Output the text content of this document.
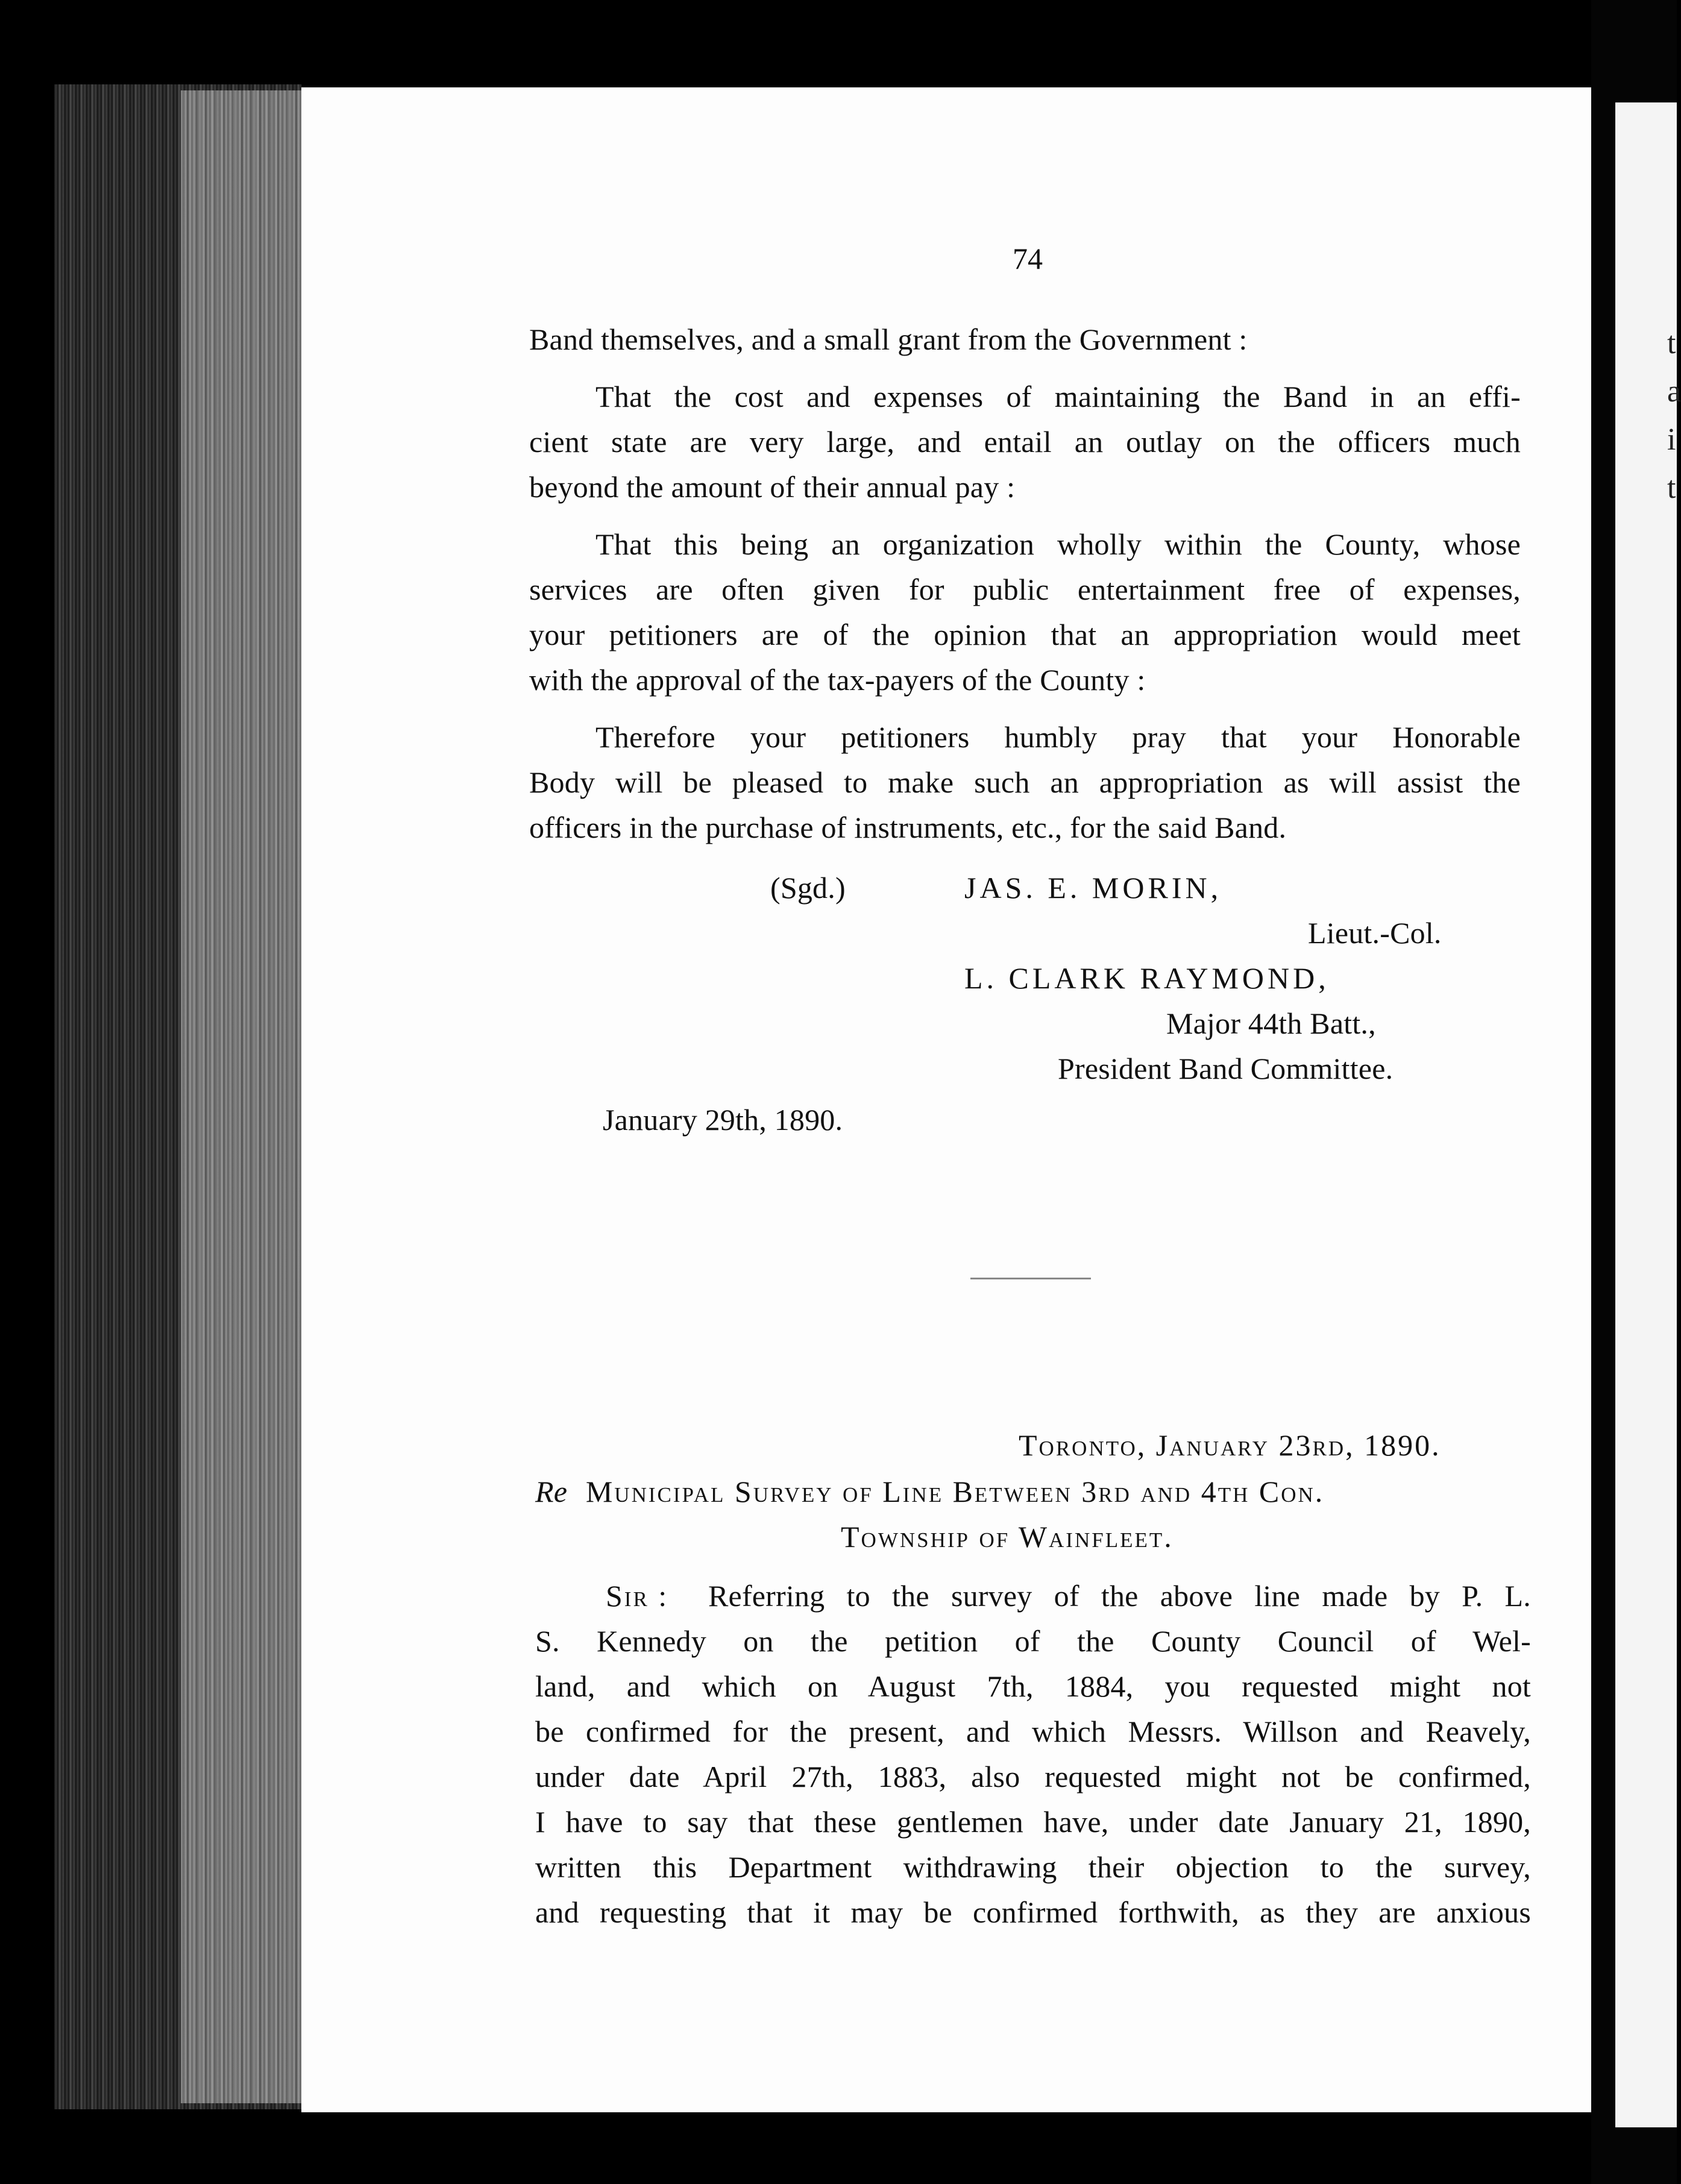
t
a
i
t
74
Band themselves, and a small grant from the Government :
That the cost and expenses of maintaining the Band in an effi-
cient state are very large, and entail an outlay on the officers much
beyond the amount of their annual pay :
That this being an organization wholly within the County, whose
services are often given for public entertainment free of expenses,
your petitioners are of the opinion that an appropriation would meet
with the approval of the tax-payers of the County :
Therefore your petitioners humbly pray that your Honorable
Body will be pleased to make such an appropriation as will assist the
officers in the purchase of instruments, etc., for the said Band.
(Sgd.)	JAS. E. MORIN,
Lieut.-Col.
L. CLARK RAYMOND,
Major 44th Batt.,
President Band Committee.
January 29th, 1890.
Toronto, January 23rd, 1890.
Re Municipal Survey of Line Between 3rd and 4th Con.
Township of Wainfleet.
Sir : Referring to the survey of the above line made by P. L.
S. Kennedy on the petition of the County Council of Wel-
land, and which on August 7th, 1884, you requested might not
be confirmed for the present, and which Messrs. Willson and Reavely,
under date April 27th, 1883, also requested might not be confirmed,
I have to say that these gentlemen have, under date January 21, 1890,
written this Department withdrawing their objection to the survey,
and requesting that it may be confirmed forthwith, as they are anxious
